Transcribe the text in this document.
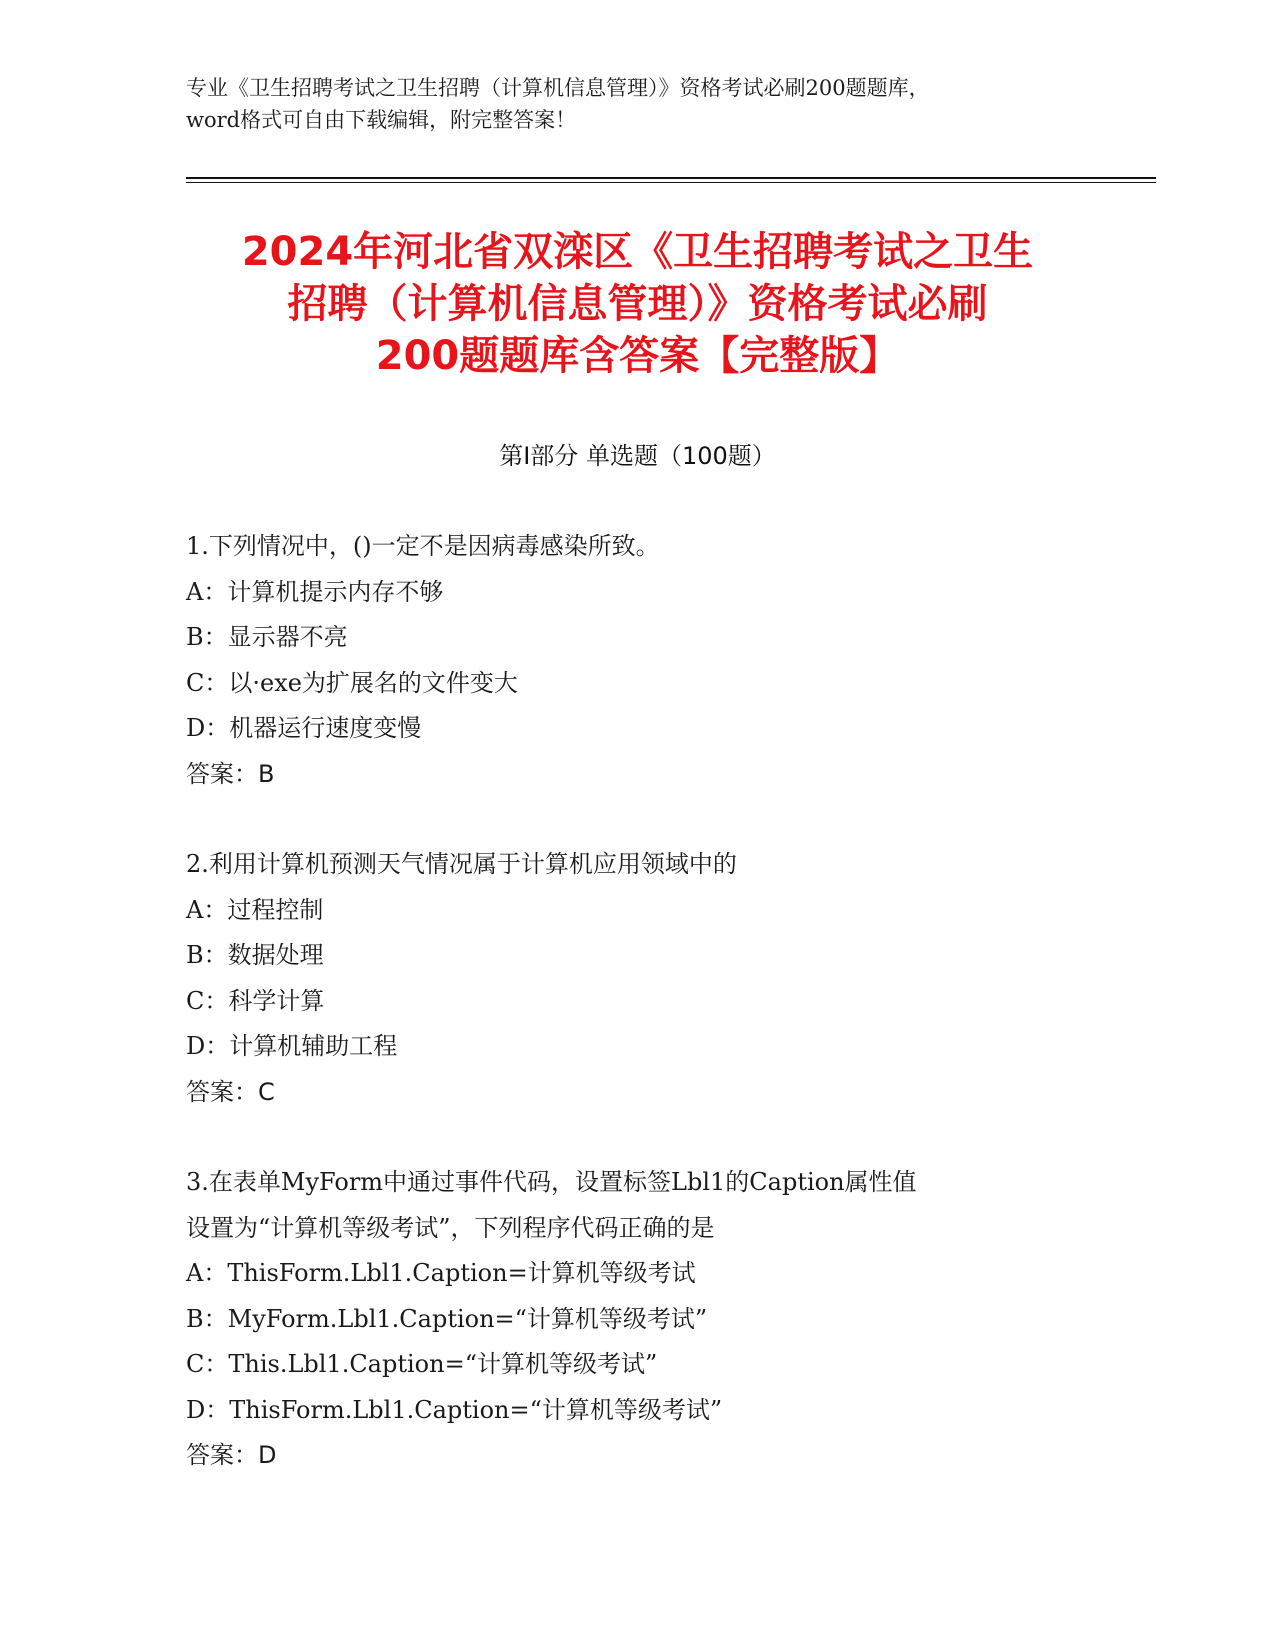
专业《卫生招聘考试之卫生招聘（计算机信息管理）》资格考试必刷200题题库，
word格式可自由下载编辑，附完整答案！
2024年河北省双滦区《卫生招聘考试之卫生
招聘（计算机信息管理）》资格考试必刷
200题题库含答案【完整版】
第Ⅰ部分 单选题（100题）
1.下列情况中，()一定不是因病毒感染所致。
A：计算机提示内存不够
B：显示器不亮
C：以·exe为扩展名的文件变大
D：机器运行速度变慢
答案：B
2.利用计算机预测天气情况属于计算机应用领域中的
A：过程控制
B：数据处理
C：科学计算
D：计算机辅助工程
答案：C
3.在表单MyForm中通过事件代码，设置标签Lbl1的Caption属性值
设置为“计算机等级考试”，下列程序代码正确的是
A：ThisForm.Lbl1.Caption=计算机等级考试
B：MyForm.Lbl1.Caption=“计算机等级考试”
C：This.Lbl1.Caption=“计算机等级考试”
D：ThisForm.Lbl1.Caption=“计算机等级考试”
答案：D
